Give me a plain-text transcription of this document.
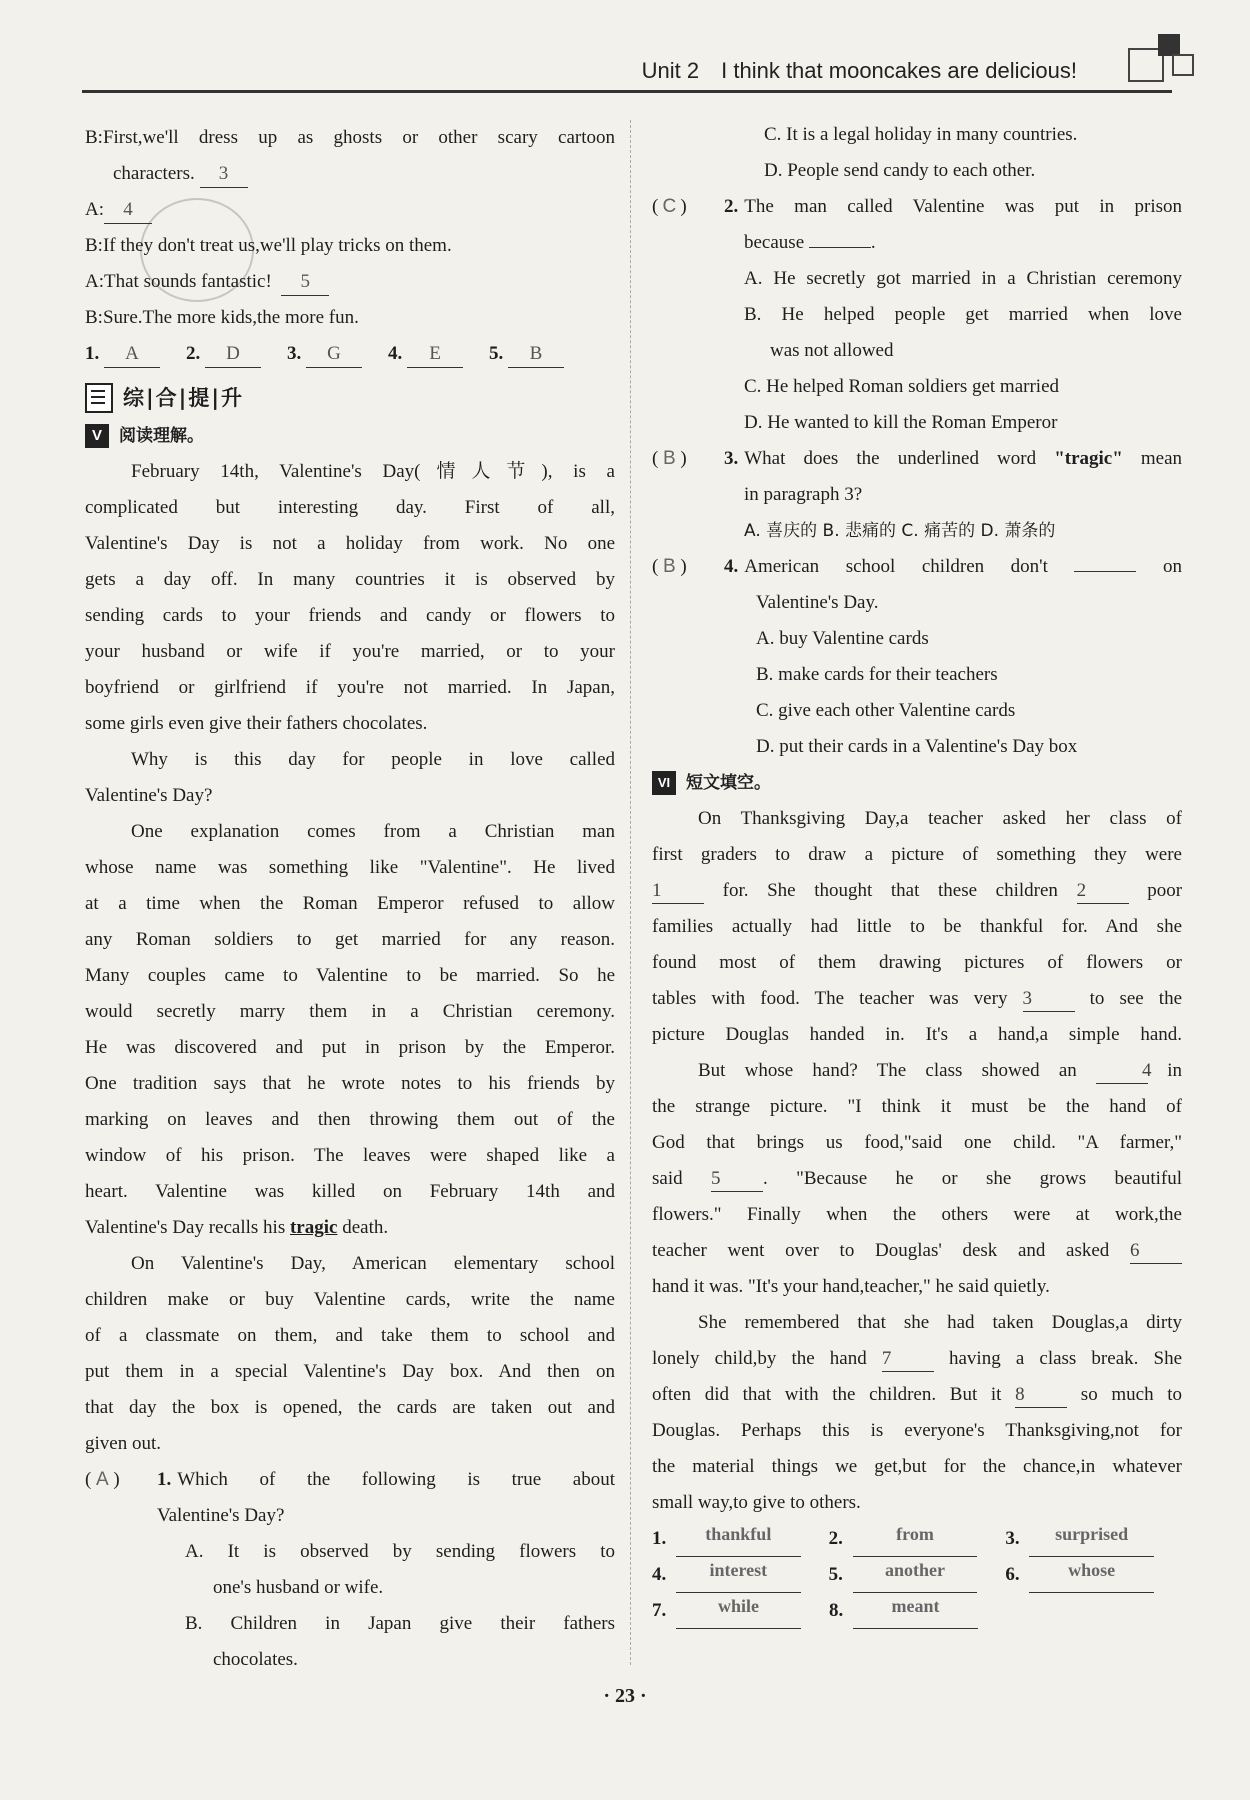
Unit 2 I think that mooncakes are delicious!

B:First,we'll dress up as ghosts or other scary cartoon

characters. 3

A: 4

B:If they don't treat us,we'll play tricks on them.

A:That sounds fantastic! 5

B:Sure.The more kids,the more fun.

1. A	2. D	3. G	4. E	5. B
综|合|提|升
V	阅读理解。

February 14th, Valentine's Day(情人节), is a

complicated but interesting day. First of all,

Valentine's Day is not a holiday from work. No one

gets a day off. In many countries it is observed by

sending cards to your friends and candy or flowers to

your husband or wife if you're married, or to your

boyfriend or girlfriend if you're not married. In Japan,

some girls even give their fathers chocolates.

Why is this day for people in love called

Valentine's Day?

One explanation comes from a Christian man

whose name was something like "Valentine". He lived

at a time when the Roman Emperor refused to allow

any Roman soldiers to get married for any reason.

Many couples came to Valentine to be married. So he

would secretly marry them in a Christian ceremony.

He was discovered and put in prison by the Emperor.

One tradition says that he wrote notes to his friends by

marking on leaves and then throwing them out of the

window of his prison. The leaves were shaped like a

heart. Valentine was killed on February 14th and

Valentine's Day recalls his tragic death.

On Valentine's Day, American elementary school

children make or buy Valentine cards, write the name

of a classmate on them, and take them to school and

put them in a special Valentine's Day box. And then on

that day the box is opened, the cards are taken out and

given out.

( A )	1. Which of the following is true about

Valentine's Day?

A. It is observed by sending flowers to

one's husband or wife.

B. Children in Japan give their fathers

chocolates.

C. It is a legal holiday in many countries.

D. People send candy to each other.

( C )	2. The man called Valentine was put in prison

because	.

A. He secretly got married in a Christian ceremony

B. He helped people get married when love

was not allowed

C. He helped Roman soldiers get married

D. He wanted to kill the Roman Emperor

( B )	3. What does the underlined word "tragic" mean

in paragraph 3?

A. 喜庆的 B. 悲痛的 C. 痛苦的 D. 萧条的

( B )	4. American school children don't	on

Valentine's Day.

A. buy Valentine cards

B. make cards for their teachers

C. give each other Valentine cards

D. put their cards in a Valentine's Day box

VI 短文填空。

On Thanksgiving Day,a teacher asked her class of

first graders to draw a picture of something they were

1	for. She thought that these children 2	poor

families actually had little to be thankful for. And she

found most of them drawing pictures of flowers or

tables with food. The teacher was very 3	to see the

picture Douglas handed in. It's a hand,a simple hand.

But whose hand? The class showed an	4 in

the strange picture. "I think it must be the hand of

God that brings us food,"said one child. "A farmer,"

said 5 . "Because he or she grows beautiful

flowers." Finally when the others were at work,the

teacher went over to Douglas' desk and asked 6

hand it was. "It's your hand,teacher," he said quietly.

She remembered that she had taken Douglas,a dirty

lonely child,by the hand 7	having a class break. She

often did that with the children. But it 8	so much to

Douglas. Perhaps this is everyone's Thanksgiving,not for

the material things we get,but for the chance,in whatever

small way,to give to others.

1.	thankful	2.	from	3.	surprised
4.	interest	5.	another	6.	whose
7.	while	8.	meant
· 23 ·
